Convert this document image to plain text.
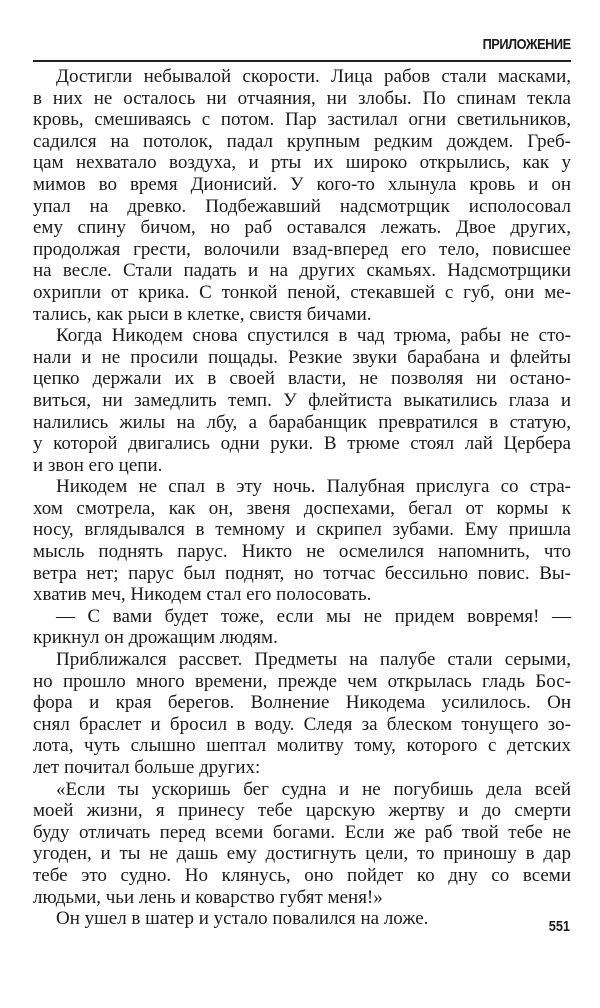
ПРИЛОЖЕНИЕ
Достигли небывалой скорости. Лица рабов стали масками,
в них не осталось ни отчаяния, ни злобы. По спинам текла
кровь, смешиваясь с потом. Пар застилал огни светильников,
садился на потолок, падал крупным редким дождем. Греб-
цам нехватало воздуха, и рты их широко открылись, как у
мимов во время Дионисий. У кого-то хлынула кровь и он
упал на древко. Подбежавший надсмотрщик исполосовал
ему спину бичом, но раб оставался лежать. Двое других,
продолжая грести, волочили взад-вперед его тело, повисшее
на весле. Стали падать и на других скамьях. Надсмотрщики
охрипли от крика. С тонкой пеной, стекавшей с губ, они ме-
тались, как рыси в клетке, свистя бичами.
Когда Никодем снова спустился в чад трюма, рабы не сто-
нали и не просили пощады. Резкие звуки барабана и флейты
цепко держали их в своей власти, не позволяя ни остано-
виться, ни замедлить темп. У флейтиста выкатились глаза и
налились жилы на лбу, а барабанщик превратился в статую,
у которой двигались одни руки. В трюме стоял лай Цербера
и звон его цепи.
Никодем не спал в эту ночь. Палубная прислуга со стра-
хом смотрела, как он, звеня доспехами, бегал от кормы к
носу, вглядывался в темному и скрипел зубами. Ему пришла
мысль поднять парус. Никто не осмелился напомнить, что
ветра нет; парус был поднят, но тотчас бессильно повис. Вы-
хватив меч, Никодем стал его полосовать.
— С вами будет тоже, если мы не придем вовремя! —
крикнул он дрожащим людям.
Приближался рассвет. Предметы на палубе стали серыми,
но прошло много времени, прежде чем открылась гладь Бос-
фора и края берегов. Волнение Никодема усилилось. Он
снял браслет и бросил в воду. Следя за блеском тонущего зо-
лота, чуть слышно шептал молитву тому, которого с детских
лет почитал больше других:
«Если ты ускоришь бег судна и не погубишь дела всей
моей жизни, я принесу тебе царскую жертву и до смерти
буду отличать перед всеми богами. Если же раб твой тебе не
угоден, и ты не дашь ему достигнуть цели, то приношу в дар
тебе это судно. Но клянусь, оно пойдет ко дну со всеми
людьми, чьи лень и коварство губят меня!»
Он ушел в шатер и устало повалился на ложе.	551
